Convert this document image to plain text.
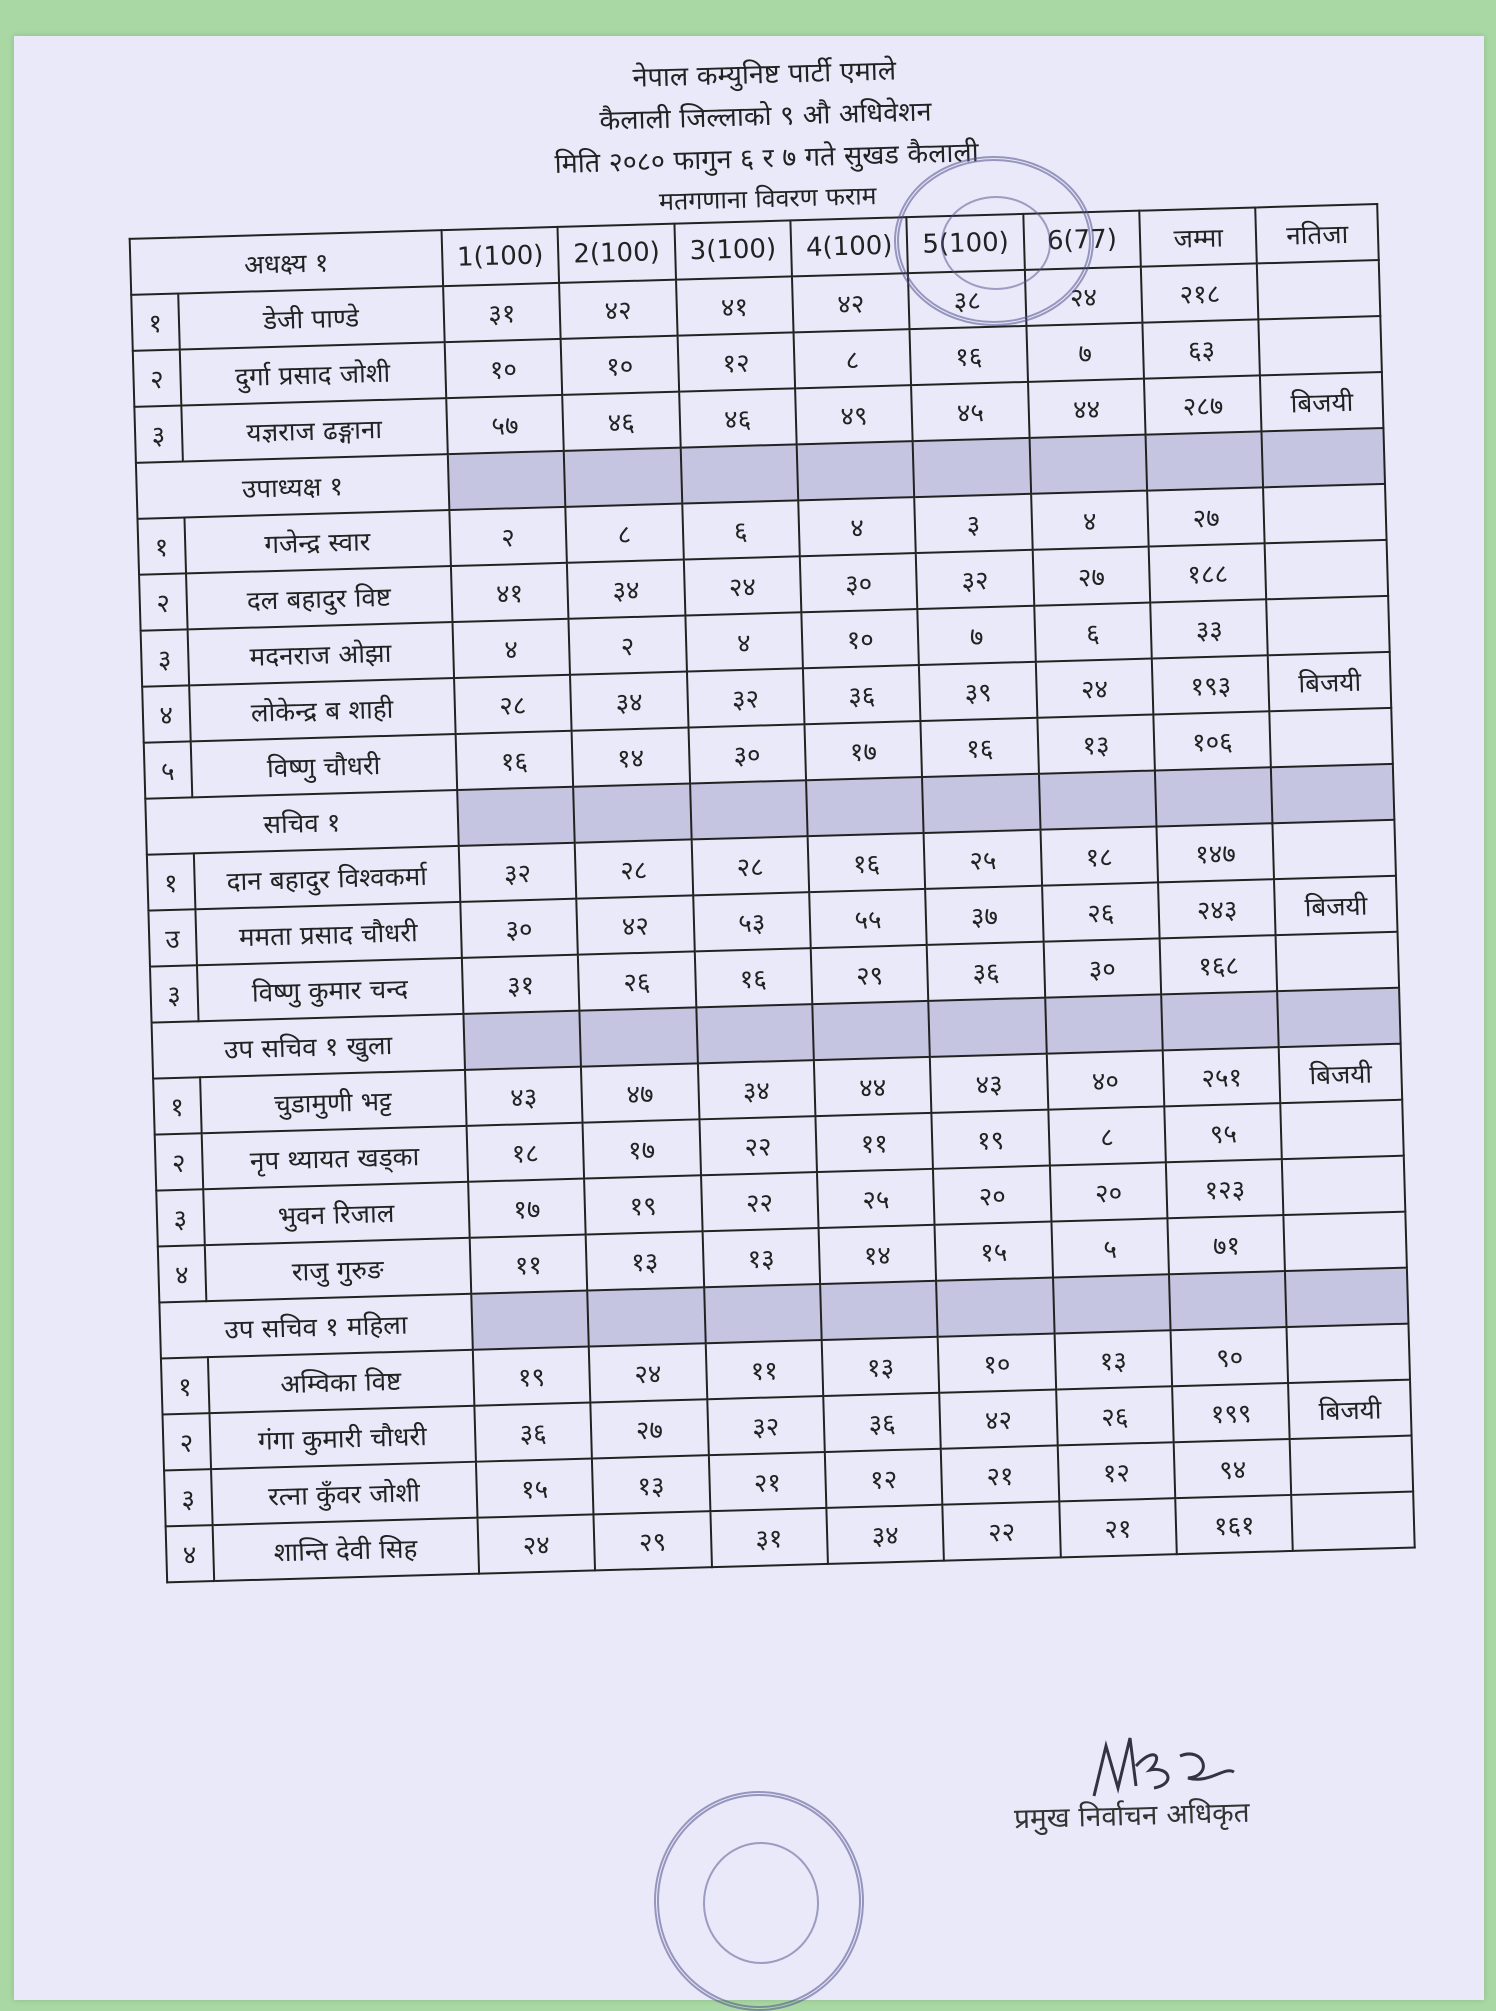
नेपाल कम्युनिष्ट पार्टी एमाले
कैलाली जिल्लाको ९ औ अधिवेशन
मिति २०८० फागुन ६ र ७ गते सुखड कैलाली
मतगणाना विवरण फराम
अधक्ष्य १		1(100)	2(100)	3(100)	4(100)	5(100)	6(77)	जम्मा	नतिजा
१	डेजी पाण्डे	३१	४२	४१	४२	३८	२४	२१८	
२	दुर्गा प्रसाद जोशी	१०	१०	१२	८	१६	७	६३	
३	यज्ञराज ढङ्गाना	५७	४६	४६	४९	४५	४४	२८७	बिजयी
उपाध्यक्ष १									
१	गजेन्द्र स्वार	२	८	६	४	३	४	२७	
२	दल बहादुर विष्ट	४१	३४	२४	३०	३२	२७	१८८	
३	मदनराज ओझा	४	२	४	१०	७	६	३३	
४	लोकेन्द्र ब शाही	२८	३४	३२	३६	३९	२४	१९३	बिजयी
५	विष्णु चौधरी	१६	१४	३०	१७	१६	१३	१०६	
सचिव १									
१	दान बहादुर विश्वकर्मा	३२	२८	२८	१६	२५	१८	१४७	
उ	ममता प्रसाद चौधरी	३०	४२	५३	५५	३७	२६	२४३	बिजयी
३	विष्णु कुमार चन्द	३१	२६	१६	२९	३६	३०	१६८	
उप सचिव १ खुला									
१	चुडामुणी भट्ट	४३	४७	३४	४४	४३	४०	२५१	बिजयी
२	नृप थ्यायत खड्का	१८	१७	२२	११	१९	८	९५	
३	भुवन रिजाल	१७	१९	२२	२५	२०	२०	१२३	
४	राजु गुरुङ	११	१३	१३	१४	१५	५	७१	
उप सचिव १ महिला									
१	अम्विका विष्ट	१९	२४	११	१३	१०	१३	९०	
२	गंगा कुमारी चौधरी	३६	२७	३२	३६	४२	२६	१९९	बिजयी
३	रत्ना कुँवर जोशी	१५	१३	२१	१२	२१	१२	९४	
४	शान्ति देवी सिह	२४	२९	३१	३४	२२	२१	१६१	
प्रमुख निर्वाचन अधिकृत
